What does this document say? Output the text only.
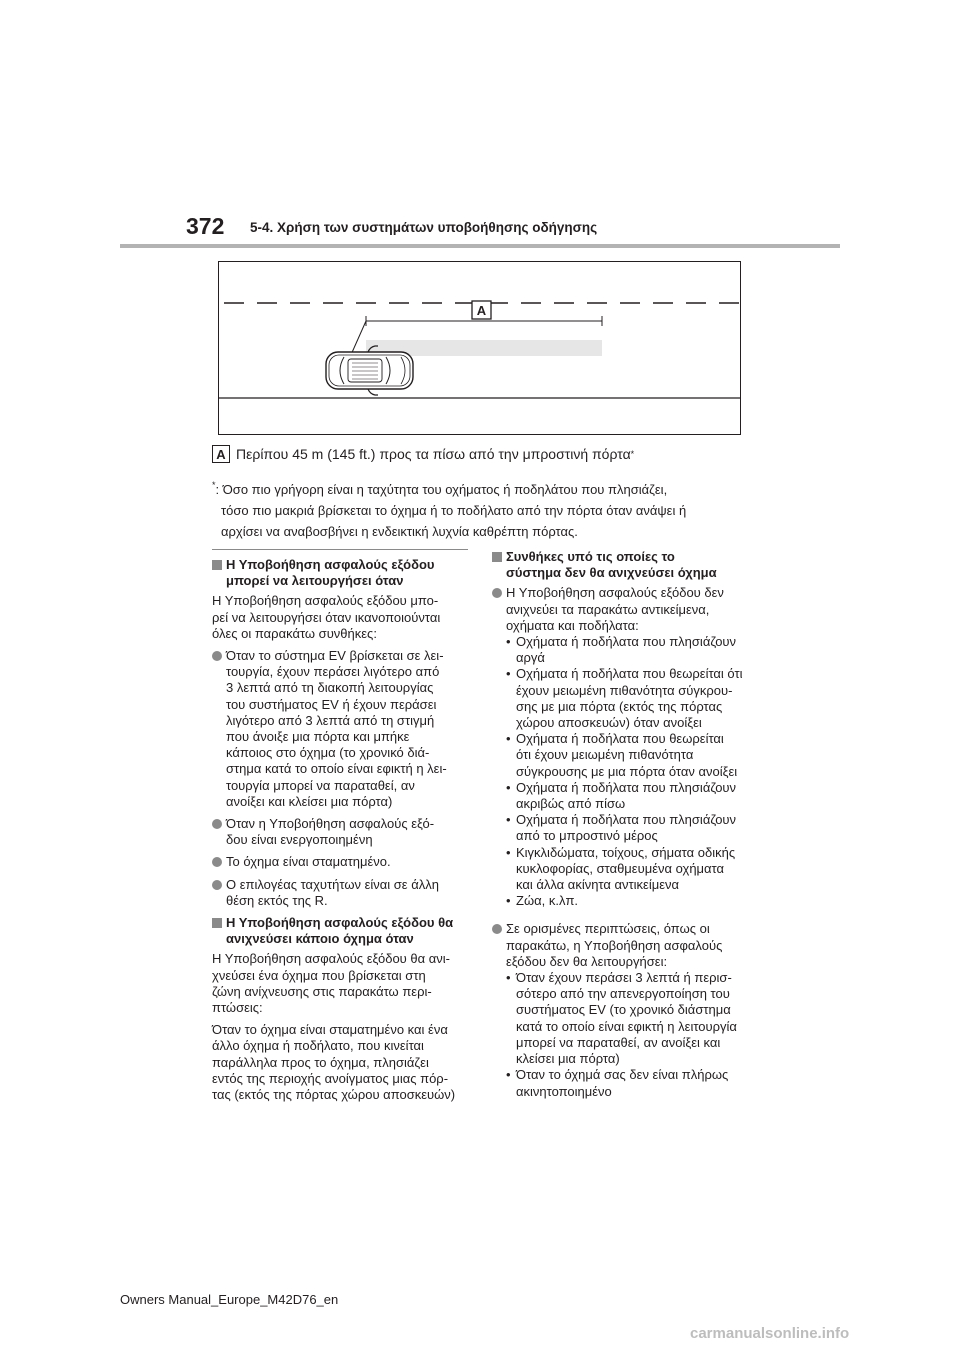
372 5-4. Χρήση των συστημάτων υποβοήθησης οδήγησης
A
A Περίπου 45 m (145 ft.) προς τα πίσω από την μπροστινή πόρτα *
*: Όσο πιο γρήγορη είναι η ταχύτητα του οχήματος ή ποδηλάτου που πλησιάζει,
τόσο πιο μακριά βρίσκεται το όχημα ή το ποδήλατο από την πόρτα όταν ανάψει ή
αρχίσει να αναβοσβήνει η ενδεικτική λυχνία καθρέπτη πόρτας.
Η Υποβοήθηση ασφαλούς εξόδου
μπορεί να λειτουργήσει όταν
Η Υποβοήθηση ασφαλούς εξόδου μπο-
ρεί να λειτουργήσει όταν ικανοποιούνται
όλες οι παρακάτω συνθήκες:
Όταν το σύστημα EV βρίσκεται σε λει-
τουργία, έχουν περάσει λιγότερο από
3 λεπτά από τη διακοπή λειτουργίας
του συστήματος EV ή έχουν περάσει
λιγότερο από 3 λεπτά από τη στιγμή
που άνοιξε μια πόρτα και μπήκε
κάποιος στο όχημα (το χρονικό διά-
στημα κατά το οποίο είναι εφικτή η λει-
τουργία μπορεί να παραταθεί, αν
ανοίξει και κλείσει μια πόρτα)
Όταν η Υποβοήθηση ασφαλούς εξό-
δου είναι ενεργοποιημένη
Το όχημα είναι σταματημένο.
Ο επιλογέας ταχυτήτων είναι σε άλλη
θέση εκτός της R.
Η Υποβοήθηση ασφαλούς εξόδου θα
ανιχνεύσει κάποιο όχημα όταν
Η Υποβοήθηση ασφαλούς εξόδου θα ανι-
χνεύσει ένα όχημα που βρίσκεται στη
ζώνη ανίχνευσης στις παρακάτω περι-
πτώσεις:
Όταν το όχημα είναι σταματημένο και ένα
άλλο όχημα ή ποδήλατο, που κινείται
παράλληλα προς το όχημα, πλησιάζει
εντός της περιοχής ανοίγματος μιας πόρ-
τας (εκτός της πόρτας χώρου αποσκευών)
Συνθήκες υπό τις οποίες το
σύστημα δεν θα ανιχνεύσει όχημα
Η Υποβοήθηση ασφαλούς εξόδου δεν
ανιχνεύει τα παρακάτω αντικείμενα,
οχήματα και ποδήλατα:
• Οχήματα ή ποδήλατα που πλησιάζουν
αργά
• Οχήματα ή ποδήλατα που θεωρείται ότι
έχουν μειωμένη πιθανότητα σύγκρου-
σης με μια πόρτα (εκτός της πόρτας
χώρου αποσκευών) όταν ανοίξει
• Οχήματα ή ποδήλατα που θεωρείται
ότι έχουν μειωμένη πιθανότητα
σύγκρουσης με μια πόρτα όταν ανοίξει
• Οχήματα ή ποδήλατα που πλησιάζουν
ακριβώς από πίσω
• Οχήματα ή ποδήλατα που πλησιάζουν
από το μπροστινό μέρος
• Κιγκλιδώματα, τοίχους, σήματα οδικής
κυκλοφορίας, σταθμευμένα οχήματα
και άλλα ακίνητα αντικείμενα
• Ζώα, κ.λπ.
Σε ορισμένες περιπτώσεις, όπως οι
παρακάτω, η Υποβοήθηση ασφαλούς
εξόδου δεν θα λειτουργήσει:
• Όταν έχουν περάσει 3 λεπτά ή περισ-
σότερο από την απενεργοποίηση του
συστήματος EV (το χρονικό διάστημα
κατά το οποίο είναι εφικτή η λειτουργία
μπορεί να παραταθεί, αν ανοίξει και
κλείσει μια πόρτα)
• Όταν το όχημά σας δεν είναι πλήρως
ακινητοποιημένο
Owners Manual_Europe_M42D76_en
carmanualsonline.info
